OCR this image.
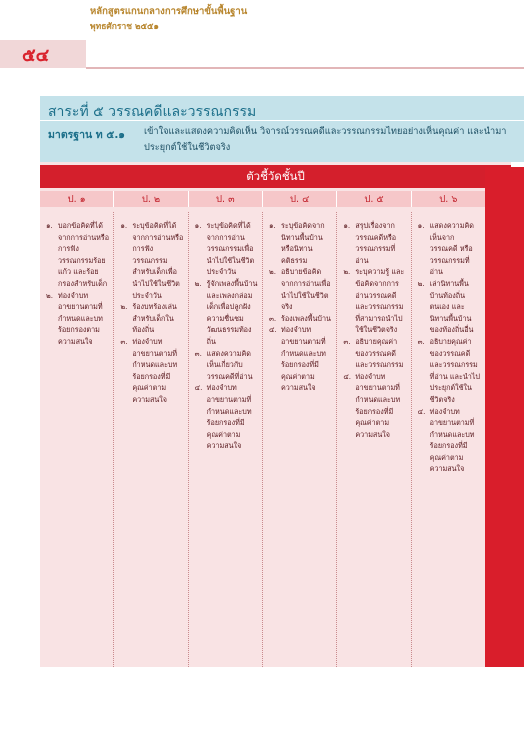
หลักสูตรแกนกลางการศึกษาขั้นพื้นฐาน
พุทธศักราช ๒๕๕๑
๕๔
สาระที่ ๕ วรรณคดีและวรรณกรรม
มาตรฐาน ท ๕.๑ เข้าใจและแสดงความคิดเห็น วิจารณ์วรรณคดีและวรรณกรรมไทยอย่างเห็นคุณค่า และนำมาประยุกต์ใช้ในชีวิตจริง
ตัวชี้วัดชั้นปี
ป. ๑	ป. ๒	ป. ๓	ป. ๔	ป. ๕	ป. ๖
๑. บอกข้อคิดที่ได้จากการอ่านหรือการฟังวรรณกรรมร้อยแก้ว และร้อยกรองสำหรับเด็ก
๒. ท่องจำบทอาขยานตามที่กำหนดและบทร้อยกรองตามความสนใจ
๑. ระบุข้อคิดที่ได้จากการอ่านหรือการฟังวรรณกรรมสำหรับเด็กเพื่อนำไปใช้ในชีวิตประจำวัน
๒. ร้องบทร้องเล่นสำหรับเด็กในท้องถิ่น
๓. ท่องจำบทอาขยานตามที่กำหนดและบทร้อยกรองที่มีคุณค่าตามความสนใจ
๑. ระบุข้อคิดที่ได้จากการอ่านวรรณกรรมเพื่อนำไปใช้ในชีวิตประจำวัน
๒. รู้จักเพลงพื้นบ้าน และเพลงกล่อมเด็กเพื่อปลูกฝังความชื่นชมวัฒนธรรมท้องถิ่น
๓. แสดงความคิดเห็นเกี่ยวกับวรรณคดีที่อ่าน
๔. ท่องจำบทอาขยานตามที่กำหนดและบทร้อยกรองที่มีคุณค่าตามความสนใจ
๑. ระบุข้อคิดจากนิทานพื้นบ้านหรือนิทานคติธรรม
๒. อธิบายข้อคิดจากการอ่านเพื่อนำไปใช้ในชีวิตจริง
๓. ร้องเพลงพื้นบ้าน
๔. ท่องจำบทอาขยานตามที่กำหนดและบทร้อยกรองที่มีคุณค่าตามความสนใจ
๑. สรุปเรื่องจากวรรณคดีหรือวรรณกรรมที่อ่าน
๒. ระบุความรู้ และข้อคิดจากการอ่านวรรณคดีและวรรณกรรมที่สามารถนำไปใช้ในชีวิตจริง
๓. อธิบายคุณค่าของวรรณคดีและวรรณกรรม
๔. ท่องจำบทอาขยานตามที่กำหนดและบทร้อยกรองที่มีคุณค่าตามความสนใจ
๑. แสดงความคิดเห็นจากวรรณคดี หรือวรรณกรรมที่อ่าน
๒. เล่านิทานพื้นบ้านท้องถิ่นตนเอง และนิทานพื้นบ้านของท้องถิ่นอื่น
๓. อธิบายคุณค่าของวรรณคดีและวรรณกรรมที่อ่าน และนำไปประยุกต์ใช้ในชีวิตจริง
๔. ท่องจำบทอาขยานตามที่กำหนดและบทร้อยกรองที่มีคุณค่าตามความสนใจ
